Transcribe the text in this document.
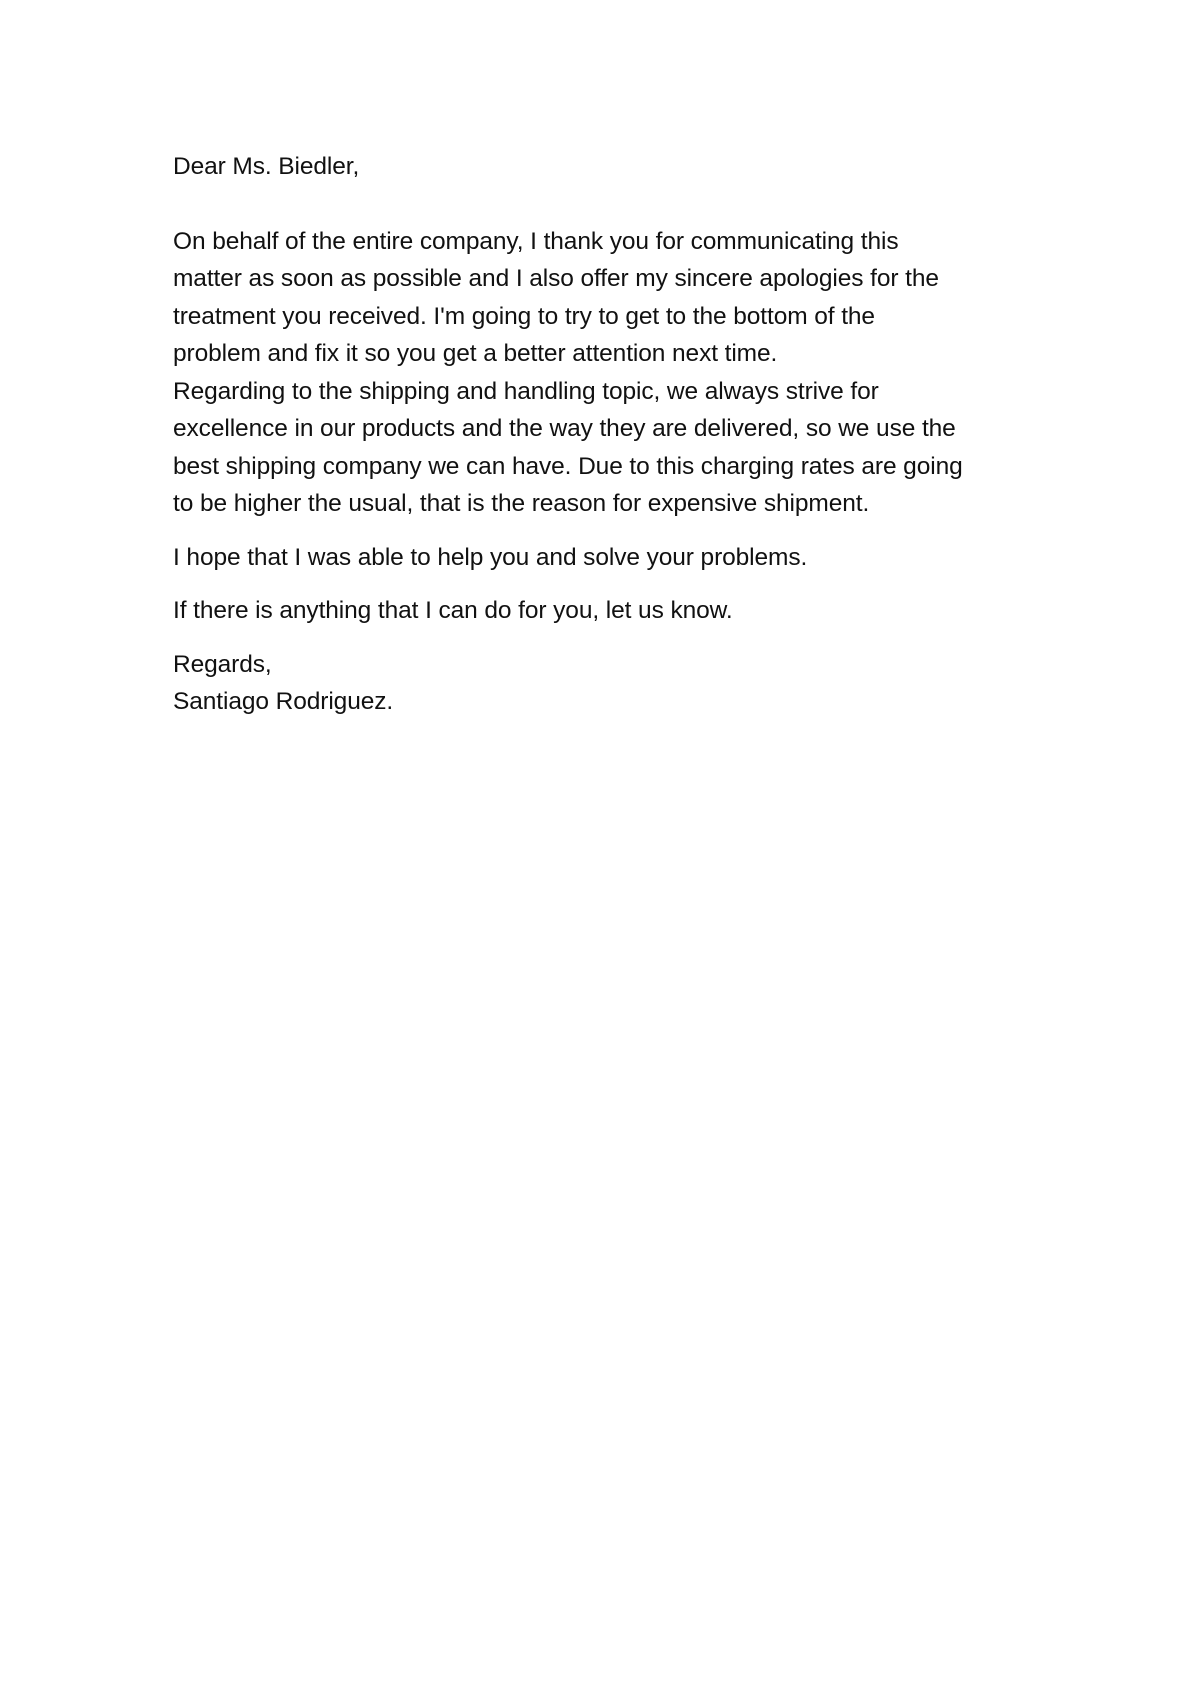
Dear Ms. Biedler,
On behalf of the entire company, I thank you for communicating this
matter as soon as possible and I also offer my sincere apologies for the
treatment you received. I'm going to try to get to the bottom of the
problem and fix it so you get a better attention next time.
Regarding to the shipping and handling topic, we always strive for
excellence in our products and the way they are delivered, so we use the
best shipping company we can have. Due to this charging rates are going
to be higher the usual, that is the reason for expensive shipment.
I hope that I was able to help you and solve your problems.
If there is anything that I can do for you, let us know.
Regards,
Santiago Rodriguez.
